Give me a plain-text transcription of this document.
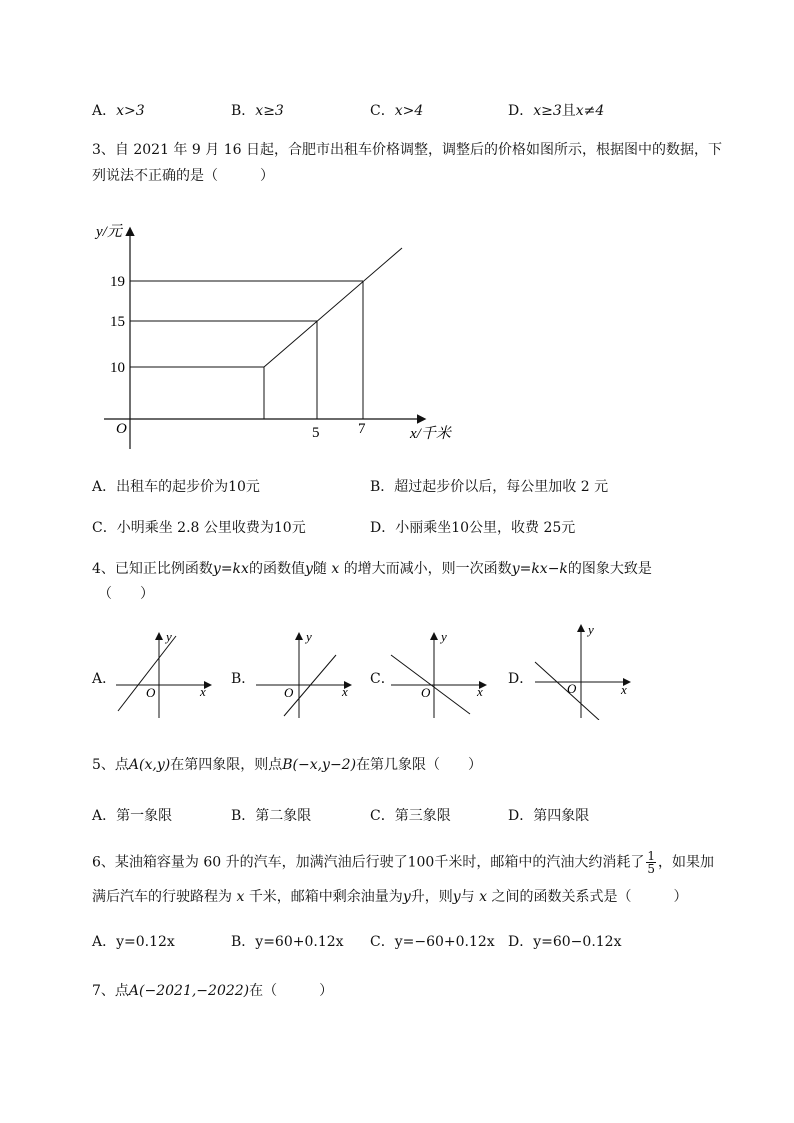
A．x>3	B．x≥3	C．x>4	D．x≥3且x≠4
3、自 2021 年 9 月 16 日起，合肥市出租车价格调整，调整后的价格如图所示，根据图中的数据，下
列说法不正确的是（　　　）
y/元
19
15
10
O	5	7	x/千米
A．出租车的起步价为10元	B．超过起步价以后，每公里加收 2 元
C．小明乘坐 2.8 公里收费为10元	D．小丽乘坐10公里，收费 25元
4、已知正比例函数y=kx的函数值y随 x 的增大而减小，则一次函数y=kx−k的图象大致是
（　　）
A．
y
x
O
B．
y
x
O
C．
y
x
O
D．
y
x
O
5、点A(x,y)在第四象限，则点B(−x,y−2)在第几象限（　　）
A．第一象限	B．第二象限	C．第三象限	D．第四象限
6、某油箱容量为 60 升的汽车，加满汽油后行驶了100千米时，邮箱中的汽油大约消耗了 $\frac{1}{5}$ ，如果加
满后汽车的行驶路程为 x 千米，邮箱中剩余油量为y升，则y与 x 之间的函数关系式是（　　　）
A．y=0.12x	B．y=60+0.12x C．y=−60+0.12x D．y=60−0.12x
7、点A(−2021,−2022)在（　　　）
